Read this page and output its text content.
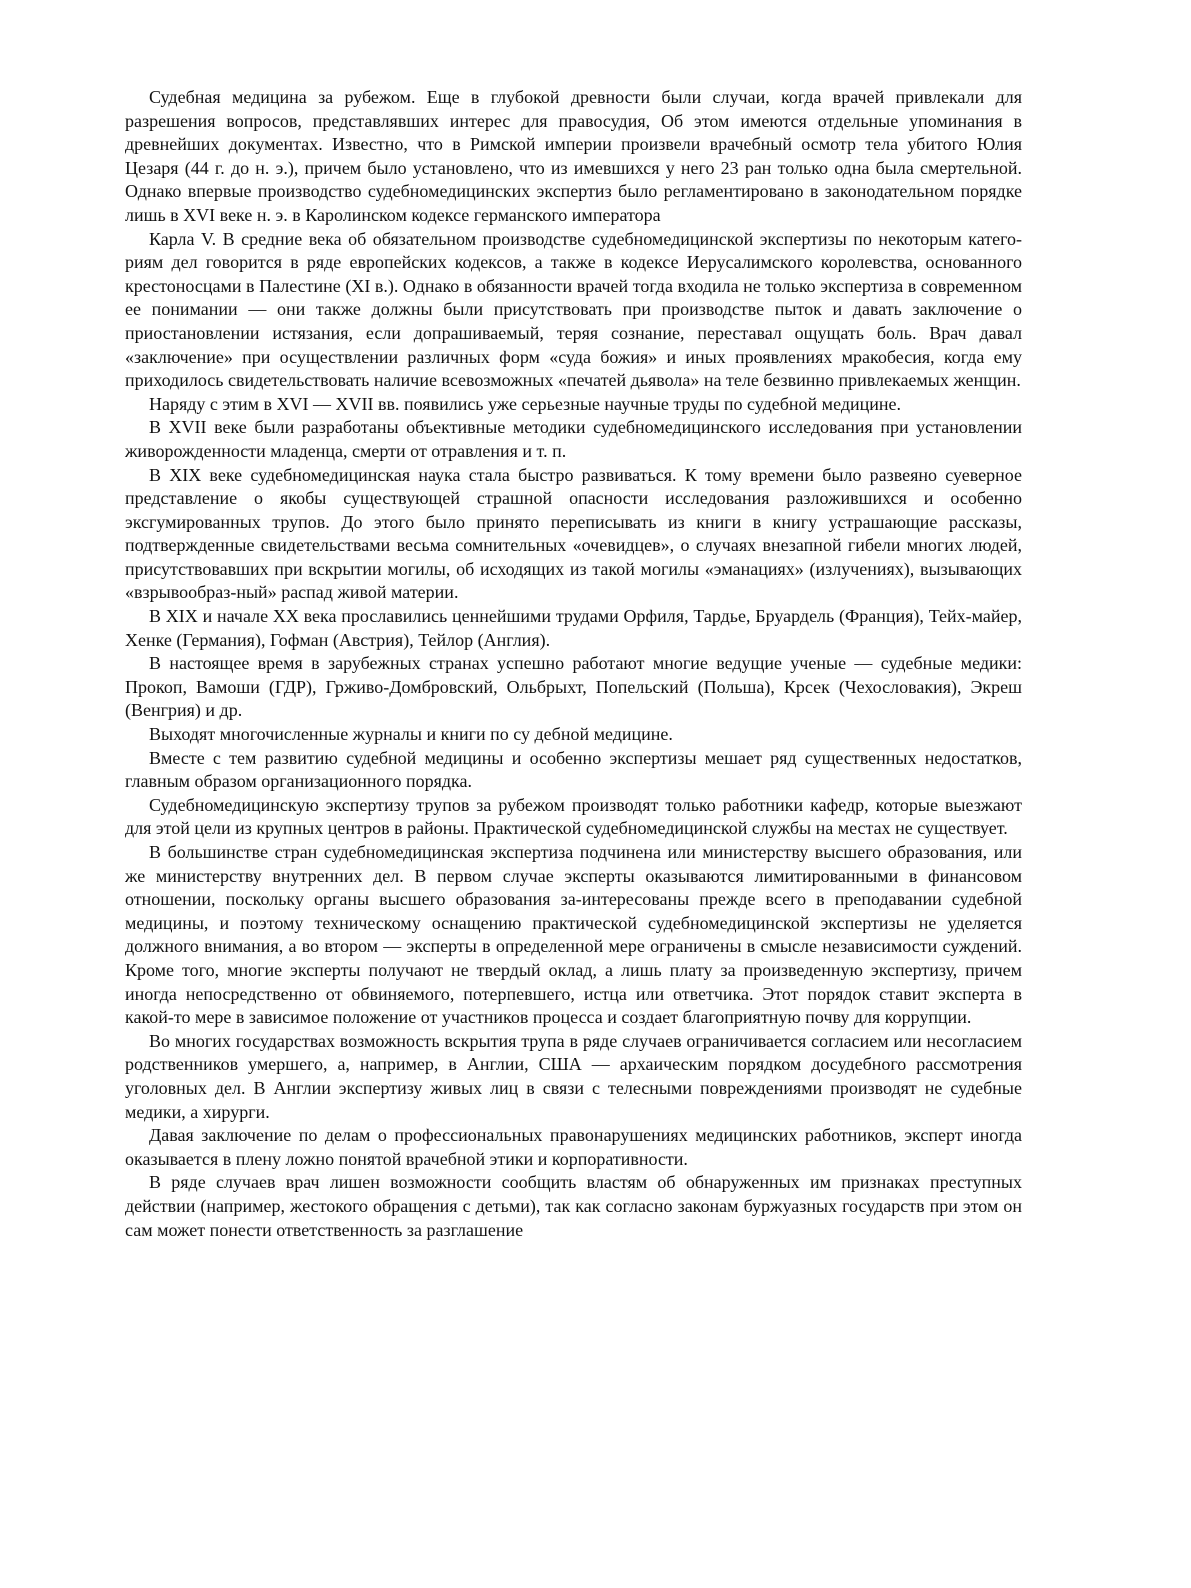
Судебная медицина за рубежом. Еще в глубокой древности были случаи, когда врачей привлекали для разрешения вопросов, представлявших интерес для правосудия, Об этом имеются отдельные упоминания в древнейших документах. Известно, что в Римской империи произвели врачебный осмотр тела убитого Юлия Цезаря (44 г. до н. э.), причем было установлено, что из имевшихся у него 23 ран только одна была смертельной. Однако впервые производство судебномедицинских экспертиз было регламентировано в законодательном порядке лишь в XVI веке н. э. в Каролинском кодексе германского императора

Карла V. В средние века об обязательном производстве судебномедицинской экспертизы по некоторым катего-риям дел говорится в ряде европейских кодексов, а также в кодексе Иерусалимского королевства, основанного крестоносцами в Палестине (XI в.). Однако в обязанности врачей тогда входила не только экспертиза в современном ее понимании — они также должны были присутствовать при производстве пыток и давать заключение о приостановлении истязания, если допрашиваемый, теряя сознание, переставал ощущать боль. Врач давал «заключение» при осуществлении различных форм «суда божия» и иных проявлениях мракобесия, когда ему приходилось свидетельствовать наличие всевозможных «печатей дьявола» на теле безвинно привлекаемых женщин.

Наряду с этим в XVI — XVII вв. появились уже серьезные научные труды по судебной медицине.

В XVII веке были разработаны объективные методики судебномедицинского исследования при установлении живорожденности младенца, смерти от отравления и т. п.

В XIX веке судебномедицинская наука стала быстро развиваться. К тому времени было развеяно суеверное представление о якобы существующей страшной опасности исследования разложившихся и особенно эксгумированных трупов. До этого было принято переписывать из книги в книгу устрашающие рассказы, подтвержденные свидетельствами весьма сомнительных «очевидцев», о случаях внезапной гибели многих людей, присутствовавших при вскрытии могилы, об исходящих из такой могилы «эманациях» (излучениях), вызывающих «взрывообраз-ный» распад живой материи.

В XIX и начале XX века прославились ценнейшими трудами Орфиля, Тардье, Бруардель (Франция), Тейх-майер, Хенке (Германия), Гофман (Австрия), Тейлор (Англия).

В настоящее время в зарубежных странах успешно работают многие ведущие ученые — судебные медики: Прокоп, Вамоши (ГДР), Грживо-Домбровский, Ольбрыхт, Попельский (Польша), Крсек (Чехословакия), Экреш (Венгрия) и др.

Выходят многочисленные журналы и книги по су дебной медицине.

Вместе с тем развитию судебной медицины и особенно экспертизы мешает ряд существенных недостатков, главным образом организационного порядка.

Судебномедицинскую экспертизу трупов за рубежом производят только работники кафедр, которые выезжают для этой цели из крупных центров в районы. Практической судебномедицинской службы на местах не существует.

В большинстве стран судебномедицинская экспертиза подчинена или министерству высшего образования, или же министерству внутренних дел. В первом случае эксперты оказываются лимитированными в финансовом отношении, поскольку органы высшего образования за-интересованы прежде всего в преподавании судебной медицины, и поэтому техническому оснащению практической судебномедицинской экспертизы не уделяется должного внимания, а во втором — эксперты в определенной мере ограничены в смысле независимости суждений. Кроме того, многие эксперты получают не твердый оклад, а лишь плату за произведенную экспертизу, причем иногда непосредственно от обвиняемого, потерпевшего, истца или ответчика. Этот порядок ставит эксперта в какой-то мере в зависимое положение от участников процесса и создает благоприятную почву для коррупции.

Во многих государствах возможность вскрытия трупа в ряде случаев ограничивается согласием или несогласием родственников умершего, а, например, в Англии, США — архаическим порядком досудебного рассмотрения уголовных дел. В Англии экспертизу живых лиц в связи с телесными повреждениями производят не судебные медики, а хирурги.

Давая заключение по делам о профессиональных правонарушениях медицинских работников, эксперт иногда оказывается в плену ложно понятой врачебной этики и корпоративности.

В ряде случаев врач лишен возможности сообщить властям об обнаруженных им признаках преступных действии (например, жестокого обращения с детьми), так как согласно законам буржуазных государств при этом он сам может понести ответственность за разглашение
